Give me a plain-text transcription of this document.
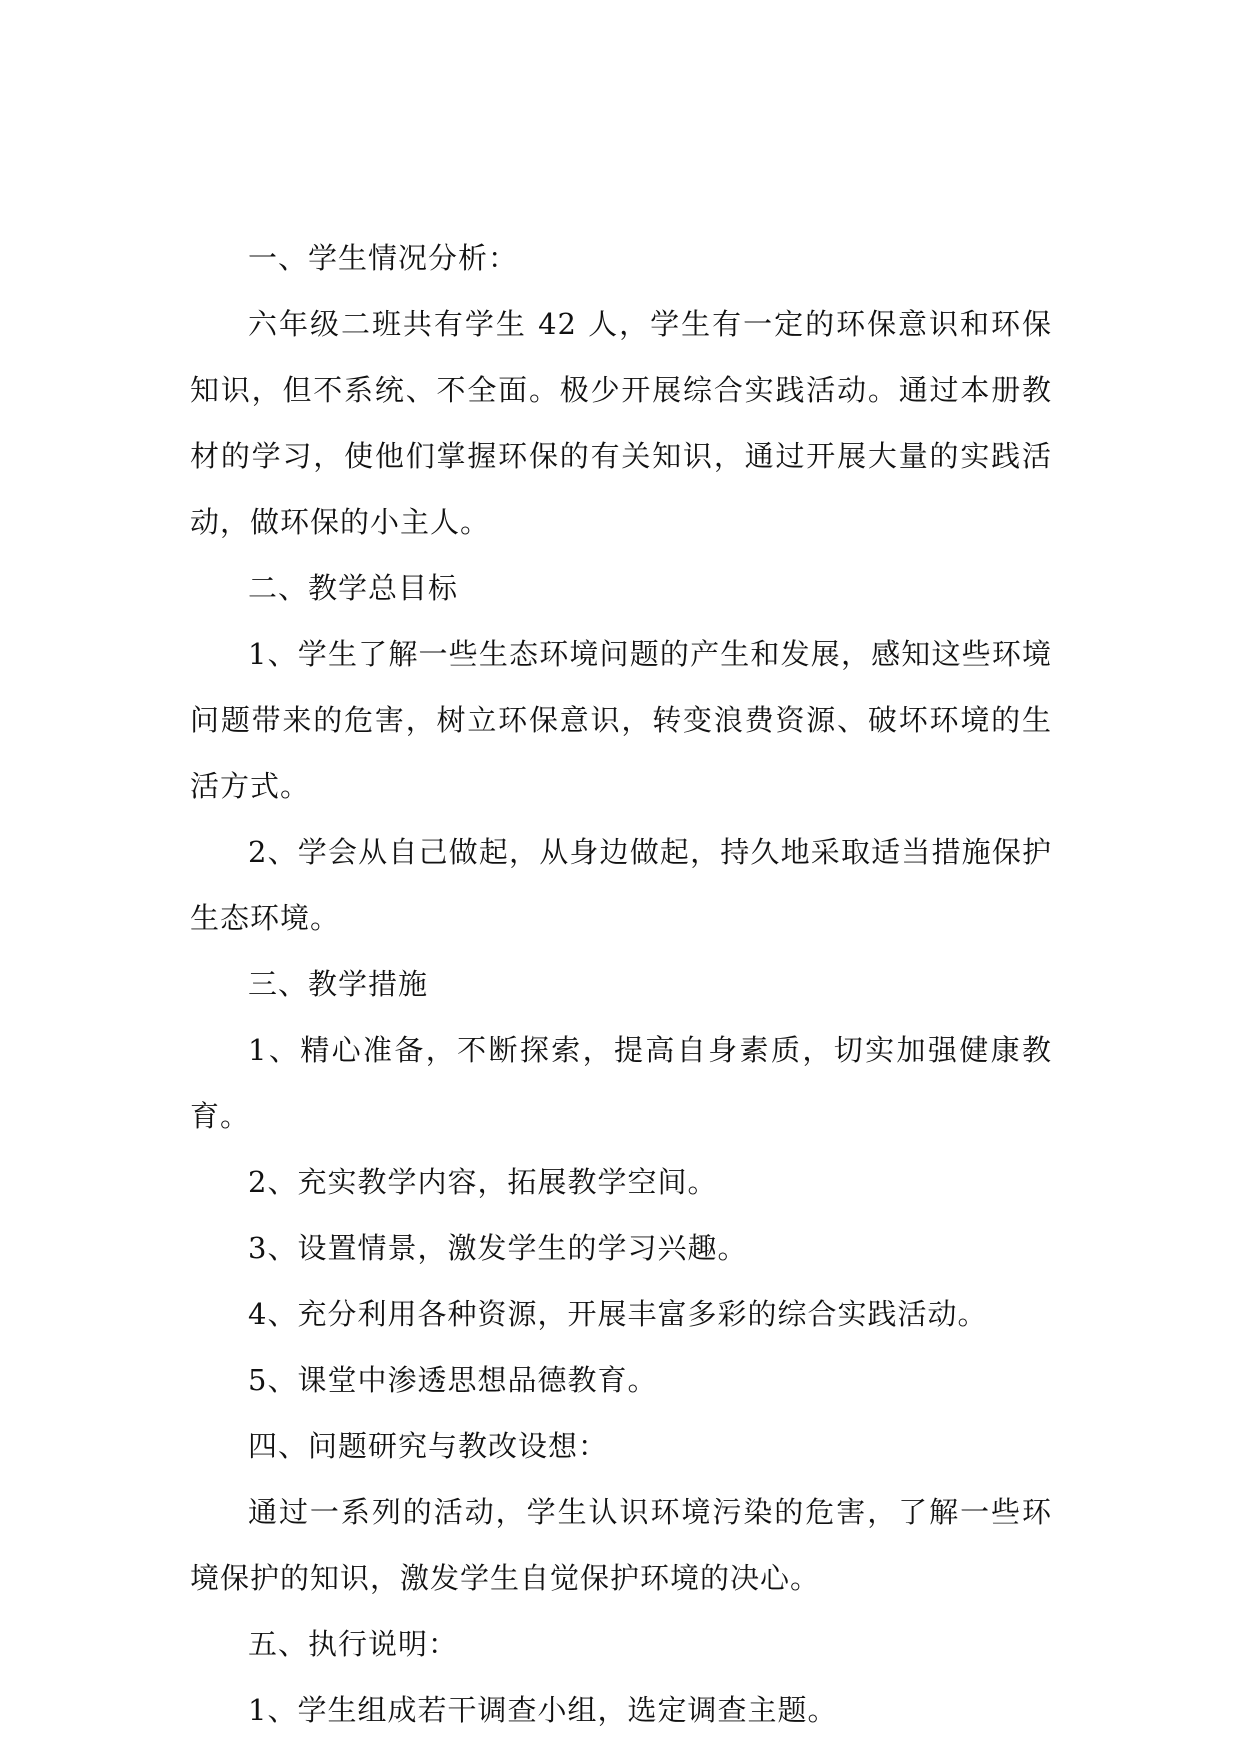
一、学生情况分析：

六年级二班共有学生 42 人，学生有一定的环保意识和环保知识，但不系统、不全面。极少开展综合实践活动。通过本册教材的学习，使他们掌握环保的有关知识，通过开展大量的实践活动，做环保的小主人。

二、教学总目标

1、学生了解一些生态环境问题的产生和发展，感知这些环境问题带来的危害，树立环保意识，转变浪费资源、破坏环境的生活方式。

2、学会从自己做起，从身边做起，持久地采取适当措施保护生态环境。

三、教学措施

1、精心准备，不断探索，提高自身素质，切实加强健康教育。

2、充实教学内容，拓展教学空间。

3、设置情景，激发学生的学习兴趣。

4、充分利用各种资源，开展丰富多彩的综合实践活动。

5、课堂中渗透思想品德教育。

四、问题研究与教改设想：

通过一系列的活动，学生认识环境污染的危害，了解一些环境保护的知识，激发学生自觉保护环境的决心。

五、执行说明：

1、学生组成若干调查小组，选定调查主题。
